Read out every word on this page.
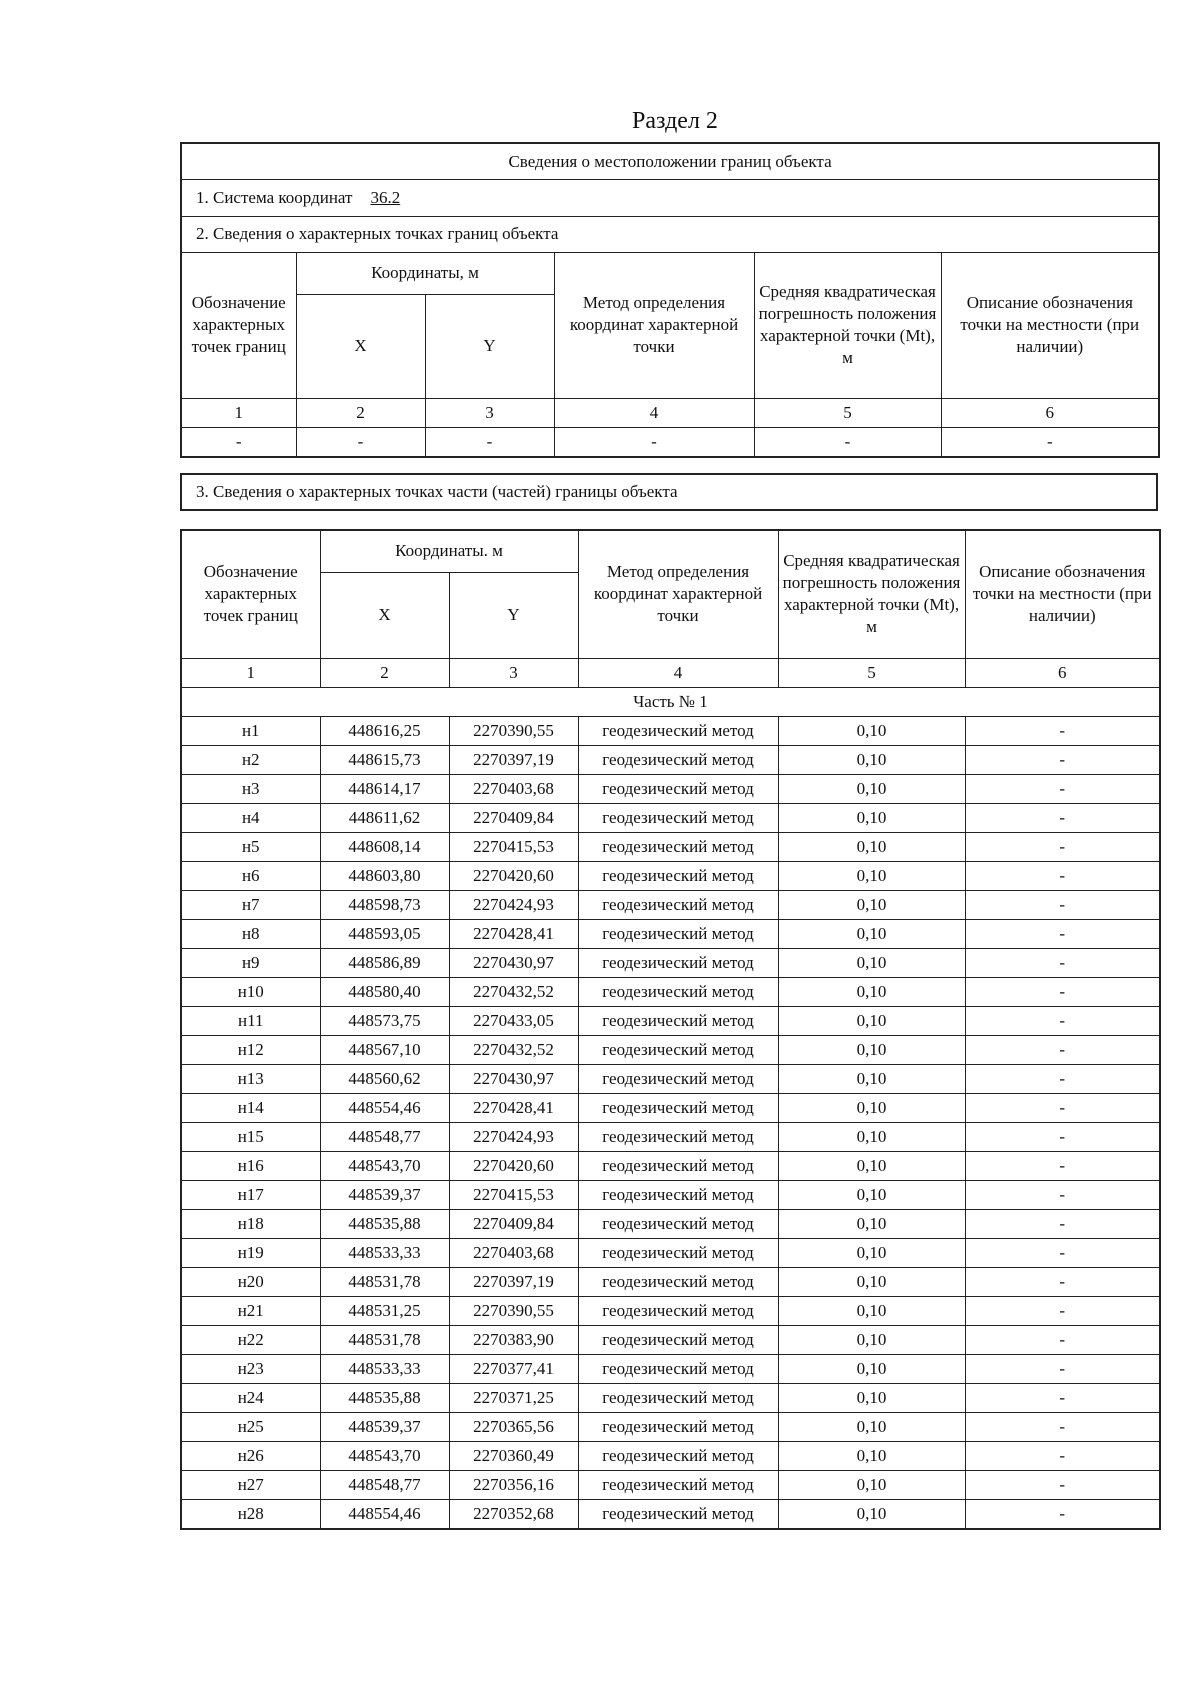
Раздел 2
Сведения о местоположении границ объекта					
1. Система координат 36.2					
2. Сведения о характерных точках границ объекта					
Обозначение характерных точек границ	Координаты, м		Метод определения координат характерной точки	Средняя квадратическая погрешность положения характерной точки (Mt), м	Описание обозначения точки на местности (при наличии)
	X	Y			
1	2	3	4	5	6
-	-	-	-	-	-
3. Сведения о характерных точках части (частей) границы объекта
Обозначение характерных точек границ	Координаты. м		Метод определения координат характерной точки	Средняя квадратическая погрешность положения характерной точки (Mt), м	Описание обозначения точки на местности (при наличии)
	X	Y			
1	2	3	4	5	6
Часть № 1					
н1	448616,25	2270390,55	геодезический метод	0,10	-
н2	448615,73	2270397,19	геодезический метод	0,10	-
н3	448614,17	2270403,68	геодезический метод	0,10	-
н4	448611,62	2270409,84	геодезический метод	0,10	-
н5	448608,14	2270415,53	геодезический метод	0,10	-
н6	448603,80	2270420,60	геодезический метод	0,10	-
н7	448598,73	2270424,93	геодезический метод	0,10	-
н8	448593,05	2270428,41	геодезический метод	0,10	-
н9	448586,89	2270430,97	геодезический метод	0,10	-
н10	448580,40	2270432,52	геодезический метод	0,10	-
н11	448573,75	2270433,05	геодезический метод	0,10	-
н12	448567,10	2270432,52	геодезический метод	0,10	-
н13	448560,62	2270430,97	геодезический метод	0,10	-
н14	448554,46	2270428,41	геодезический метод	0,10	-
н15	448548,77	2270424,93	геодезический метод	0,10	-
н16	448543,70	2270420,60	геодезический метод	0,10	-
н17	448539,37	2270415,53	геодезический метод	0,10	-
н18	448535,88	2270409,84	геодезический метод	0,10	-
н19	448533,33	2270403,68	геодезический метод	0,10	-
н20	448531,78	2270397,19	геодезический метод	0,10	-
н21	448531,25	2270390,55	геодезический метод	0,10	-
н22	448531,78	2270383,90	геодезический метод	0,10	-
н23	448533,33	2270377,41	геодезический метод	0,10	-
н24	448535,88	2270371,25	геодезический метод	0,10	-
н25	448539,37	2270365,56	геодезический метод	0,10	-
н26	448543,70	2270360,49	геодезический метод	0,10	-
н27	448548,77	2270356,16	геодезический метод	0,10	-
н28	448554,46	2270352,68	геодезический метод	0,10	-
